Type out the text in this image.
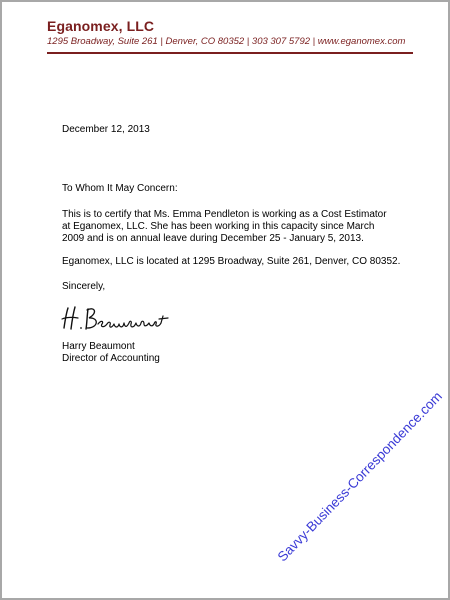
Eganomex, LLC
1295 Broadway, Suite 261 | Denver, CO 80352 | 303 307 5792 | www.eganomex.com
December 12, 2013
To Whom It May Concern:
This is to certify that Ms. Emma Pendleton is working as a Cost Estimator
at Eganomex, LLC. She has been working in this capacity since March
2009 and is on annual leave during December 25 - January 5, 2013.
Eganomex, LLC is located at 1295 Broadway, Suite 261, Denver, CO 80352.
Sincerely,
Harry Beaumont
Director of Accounting
Savvy-Business-Correspondence.com
